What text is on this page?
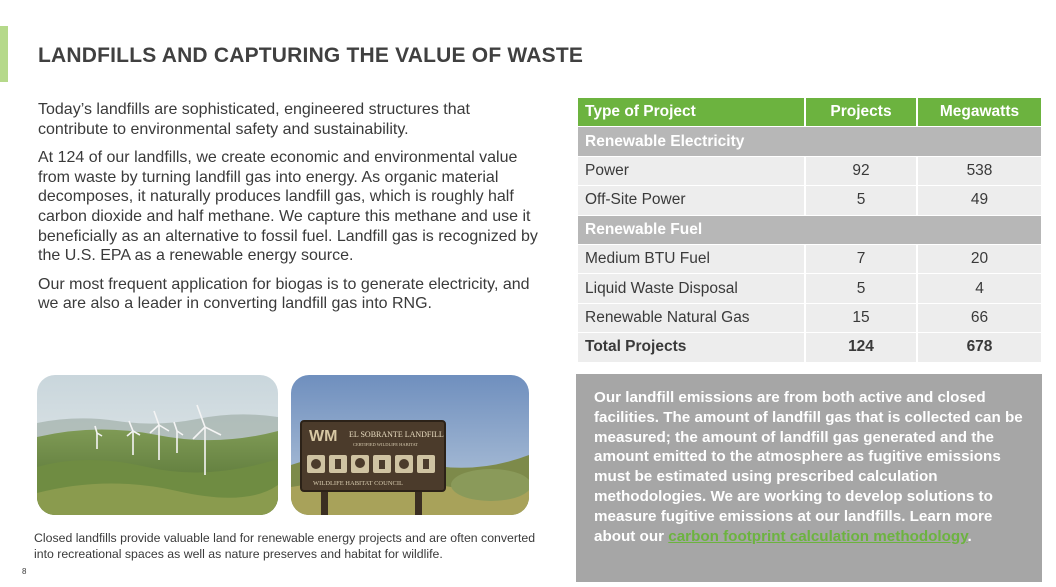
LANDFILLS AND CAPTURING THE VALUE OF WASTE

Today’s landfills are sophisticated, engineered structures that contribute to environmental safety and sustainability.

At 124 of our landfills, we create economic and environmental value from waste by turning landfill gas into energy. As organic material decomposes, it naturally produces landfill gas, which is roughly half carbon dioxide and half methane. We capture this methane and use it beneficially as an alternative to fossil fuel. Landfill gas is recognized by the U.S. EPA as a renewable energy source.

Our most frequent application for biogas is to generate electricity, and we are also a leader in converting landfill gas into RNG.

WM EL SOBRANTE LANDFILL
CERTIFIED WILDLIFE HABITAT
WILDLIFE HABITAT COUNCIL

Closed landfills provide valuable land for renewable energy projects and are often converted into recreational spaces as well as nature preserves and habitat for wildlife.

8
Type of Project	Projects	Megawatts
Renewable Electricity		
Power	92	538
Off-Site Power	5	49
Renewable Fuel		
Medium BTU Fuel	7	20
Liquid Waste Disposal	5	4
Renewable Natural Gas	15	66
Total Projects	124	678

Our landfill emissions are from both active and closed facilities. The amount of landfill gas that is collected can be measured; the amount of landfill gas generated and the amount emitted to the atmosphere as fugitive emissions must be estimated using prescribed calculation methodologies. We are working to develop solutions to measure fugitive emissions at our landfills. Learn more about our carbon footprint calculation methodology.
